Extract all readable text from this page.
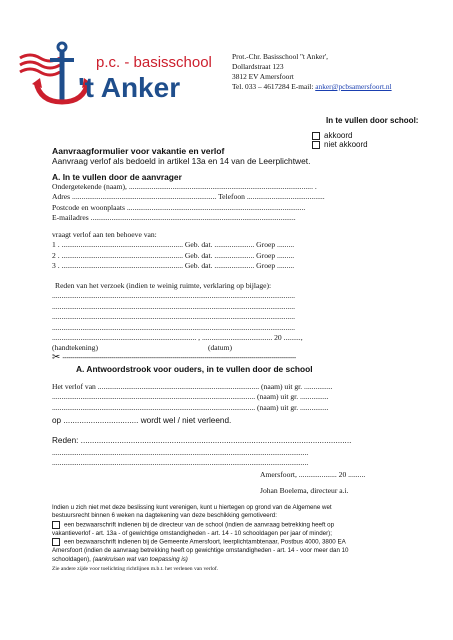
p.c. - basisschool
't Anker
Prot.-Chr. Basisschool ''t Anker',
Dollardstraat 123
3812 EV Amersfoort
Tel. 033 – 4617284 E-mail: anker@pcbsamersfoort.nl
In te vullen door school:
akkoord
niet akkoord
Aanvraagformulier voor vakantie en verlof
Aanvraag verlof als bedoeld in artikel 13a en 14 van de Leerplichtwet.
A. In te vullen door de aanvrager
Ondergetekende (naam), ................................................................................................. .
Adres ............................................................................ Telefoon .........................................
Postcode en woonplaats ..............................................................................................
E-mailadres ............................................................................................................
vraagt verlof aan ten behoeve van:
1 . ................................................................ Geb. dat. ..................... Groep .........
2 . ................................................................ Geb. dat. ..................... Groep .........
3 . ................................................................ Geb. dat. ..................... Groep .........
Reden van het verzoek (indien te weinig ruimte, verklaring op bijlage):
................................................................................................................................
................................................................................................................................
................................................................................................................................
................................................................................................................................
............................................................................ , ..................................... 20 .........,
(handtekening)	(datum)
✂ -------------------------------------------------------------------------------------------------------------------
A. Antwoordstrook voor ouders, in te vullen door de school
Het verlof van ..................................................................................... (naam) uit gr. ...............
........................................................................................................... (naam) uit gr. ...............
........................................................................................................... (naam) uit gr. ...............
op ................................. wordt wel / niet verleend.
Reden: .......................................................................................................................
.......................................................................................................................................
.......................................................................................................................................
Amersfoort, .................... 20 .........
Johan Boelema, directeur a.i.
Indien u zich niet met deze beslissing kunt verenigen, kunt u hiertegen op grond van de Algemene wet
bestuursrecht binnen 6 weken na dagtekening van deze beschikking gemotiveerd:
een bezwaarschrift indienen bij de directeur van de school (indien de aanvraag betrekking heeft op
vakantieverlof - art. 13a - of gewichtige omstandigheden - art. 14 - 10 schooldagen per jaar of minder);
een bezwaarschrift indienen bij de Gemeente Amersfoort, leerplichtambtenaar, Postbus 4000, 3800 EA
Amersfoort (indien de aanvraag betrekking heeft op gewichtige omstandigheden - art. 14 - voor meer dan 10
schooldagen), (aankruisen wat van toepassing is)
Zie andere zijde voor toelichting richtlijnen m.b.t. het verlenen van verlof.
